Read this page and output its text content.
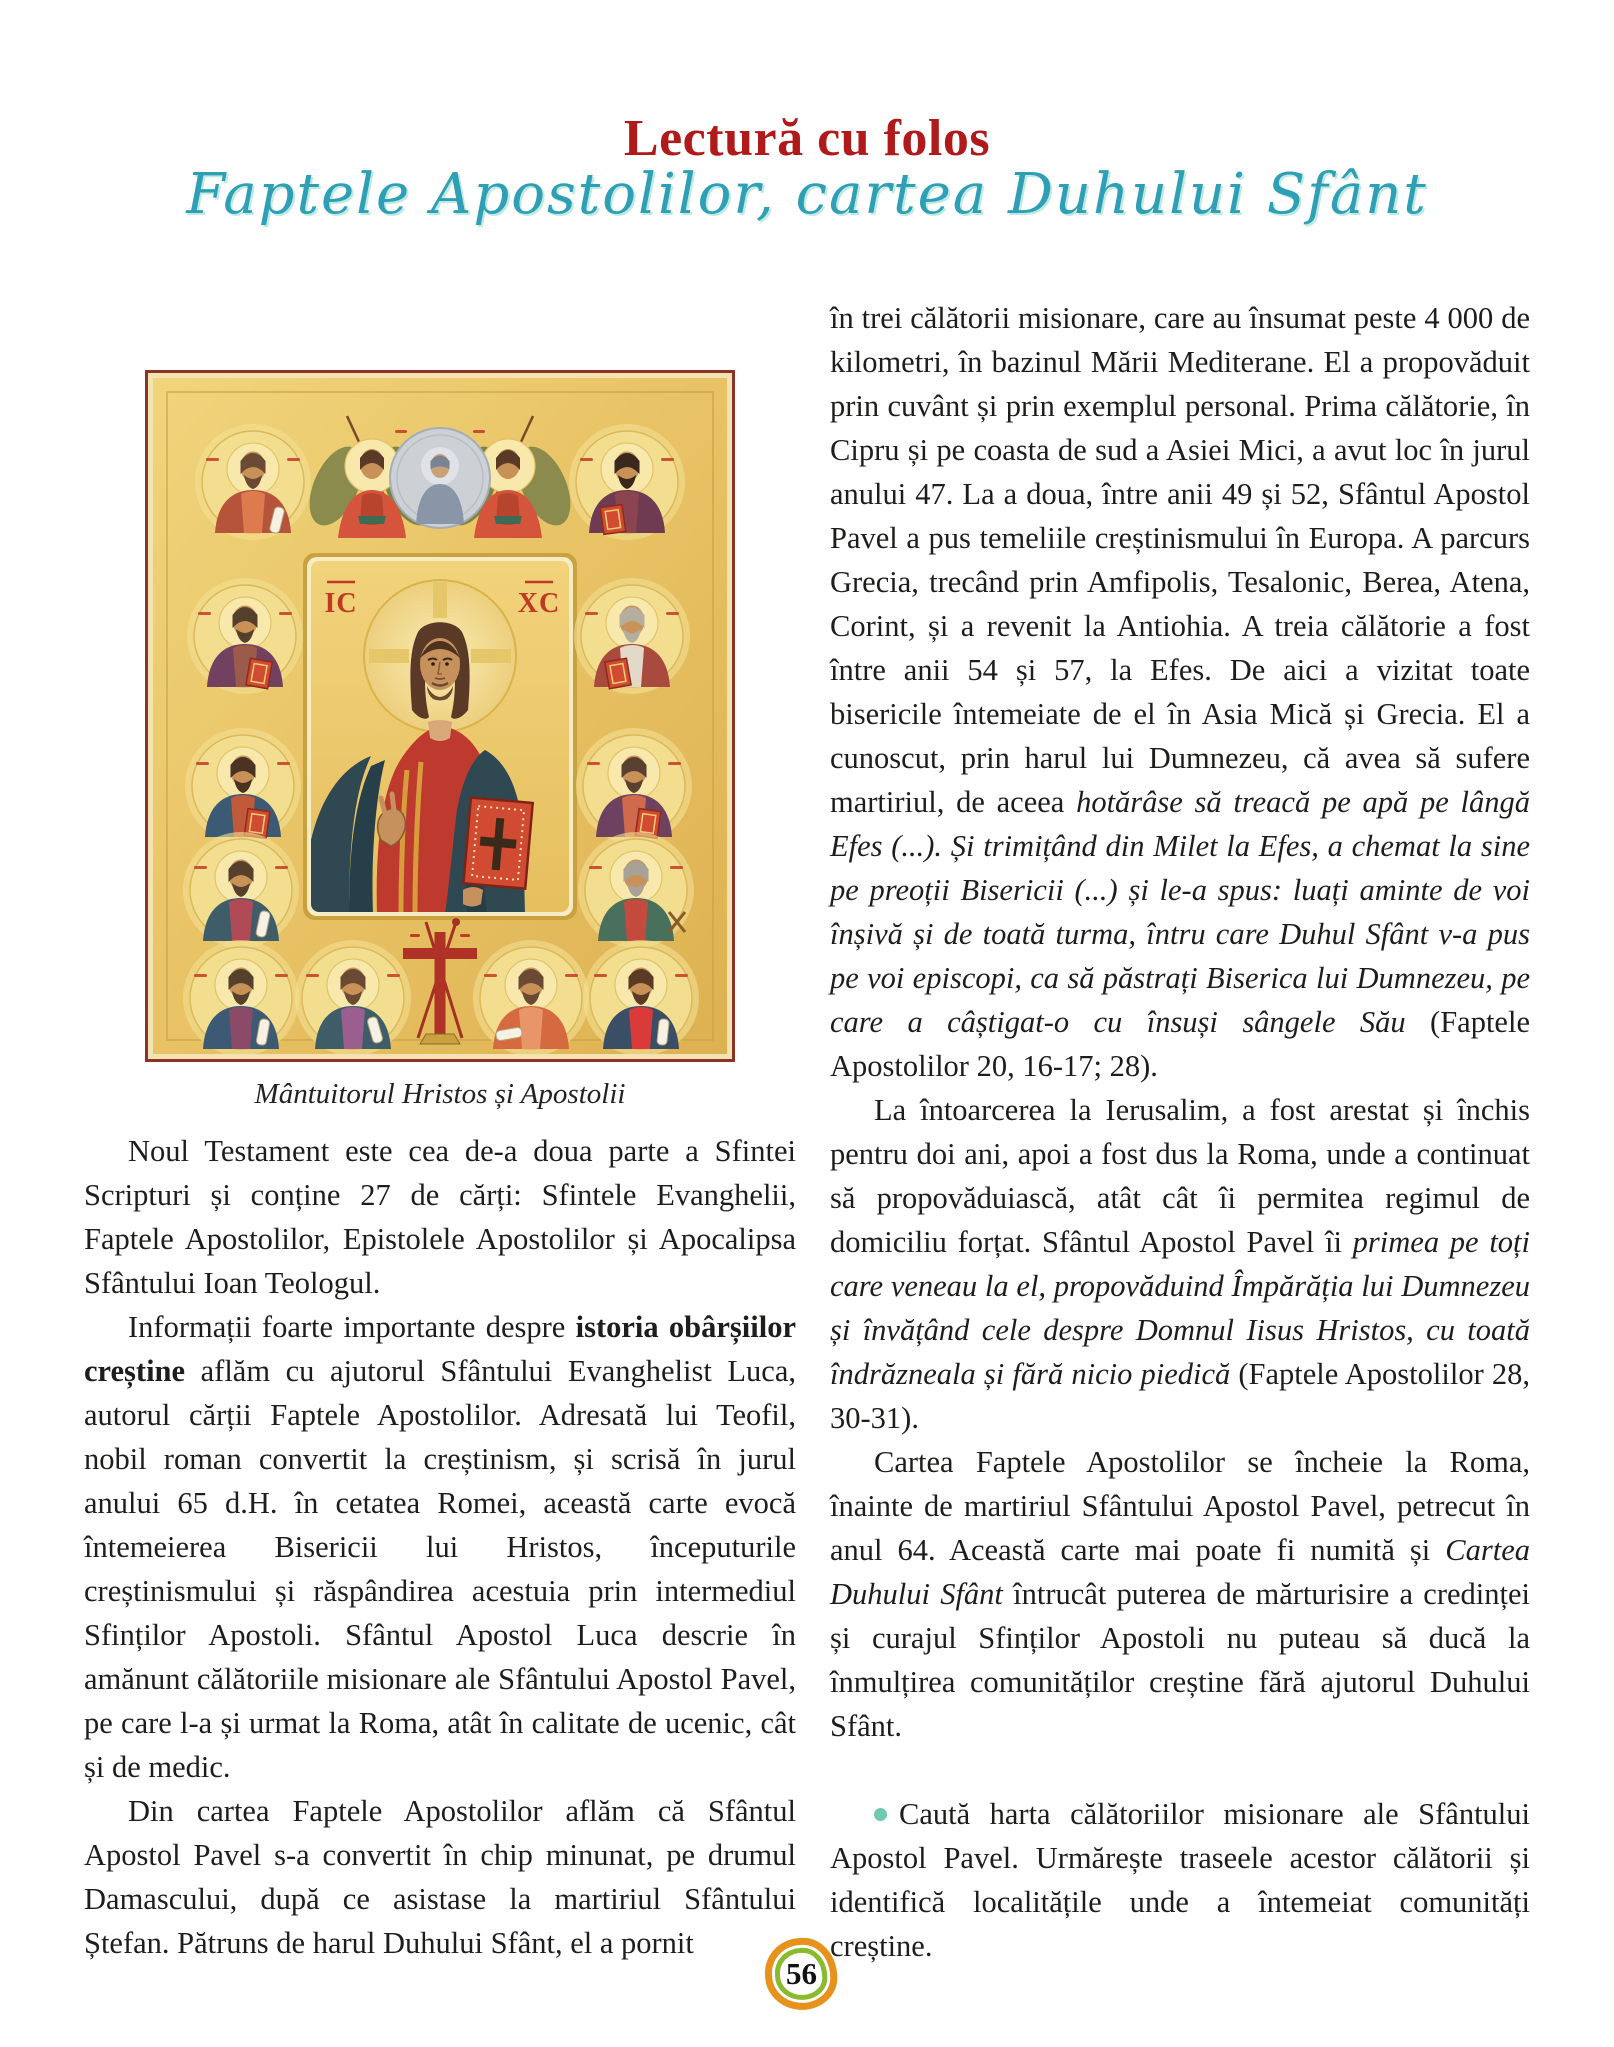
Lectură cu folos
Faptele Apostolilor, cartea Duhului Sfânt
IC	XC
Mântuitorul Hristos și Apostolii

Noul Testament este cea de-a doua parte a Sfintei Scripturi și conține 27 de cărți: Sfintele Evanghelii, Faptele Apostolilor, Epistolele Apostolilor și Apocalipsa Sfântului Ioan Teologul.

Informații foarte importante despre istoria obârșiilor creștine aflăm cu ajutorul Sfântului Evanghelist Luca, autorul cărții Faptele Apostolilor. Adresată lui Teofil, nobil roman convertit la creștinism, și scrisă în jurul anului 65 d.H. în cetatea Romei, această carte evocă întemeierea Bisericii lui Hristos, începuturile creștinismului și răspândirea acestuia prin intermediul Sfinților Apostoli. Sfântul Apostol Luca descrie în amănunt călătoriile misionare ale Sfântului Apostol Pavel, pe care l-a și urmat la Roma, atât în calitate de ucenic, cât și de medic.

Din cartea Faptele Apostolilor aflăm că Sfântul Apostol Pavel s-a convertit în chip minunat, pe drumul Damascului, după ce asistase la martiriul Sfântului Ștefan. Pătruns de harul Duhului Sfânt, el a pornit

în trei călătorii misionare, care au însumat peste 4 000 de kilometri, în bazinul Mării Mediterane. El a propovăduit prin cuvânt și prin exemplul personal. Prima călătorie, în Cipru și pe coasta de sud a Asiei Mici, a avut loc în jurul anului 47. La a doua, între anii 49 și 52, Sfântul Apostol Pavel a pus temeliile creștinismului în Europa. A parcurs Grecia, trecând prin Amfipolis, Tesalonic, Berea, Atena, Corint, și a revenit la Antiohia. A treia călătorie a fost între anii 54 și 57, la Efes. De aici a vizitat toate bisericile întemeiate de el în Asia Mică și Grecia. El a cunoscut, prin harul lui Dumnezeu, că avea să sufere martiriul, de aceea hotărâse să treacă pe apă pe lângă Efes (...). Și trimițând din Milet la Efes, a chemat la sine pe preoții Bisericii (...) și le-a spus: luați aminte de voi înșivă și de toată turma, întru care Duhul Sfânt v-a pus pe voi episcopi, ca să păstrați Biserica lui Dumnezeu, pe care a câștigat-o cu însuși sângele Său (Faptele Apostolilor 20, 16-17; 28).

La întoarcerea la Ierusalim, a fost arestat și închis pentru doi ani, apoi a fost dus la Roma, unde a continuat să propovăduiască, atât cât îi permitea regimul de domiciliu forțat. Sfântul Apostol Pavel îi primea pe toți care veneau la el, propovăduind Împărăția lui Dumnezeu și învățând cele despre Domnul Iisus Hristos, cu toată îndrăzneala și fără nicio piedică (Faptele Apostolilor 28, 30-31).

Cartea Faptele Apostolilor se încheie la Roma, înainte de martiriul Sfântului Apostol Pavel, petrecut în anul 64. Această carte mai poate fi numită și Cartea Duhului Sfânt întrucât puterea de mărturisire a credinței și curajul Sfinților Apostoli nu puteau să ducă la înmulțirea comunităților creștine fără ajutorul Duhului Sfânt.

Caută harta călătoriilor misionare ale Sfântului Apostol Pavel. Urmărește traseele acestor călătorii și identifică localitățile unde a întemeiat comunități creștine.

56
